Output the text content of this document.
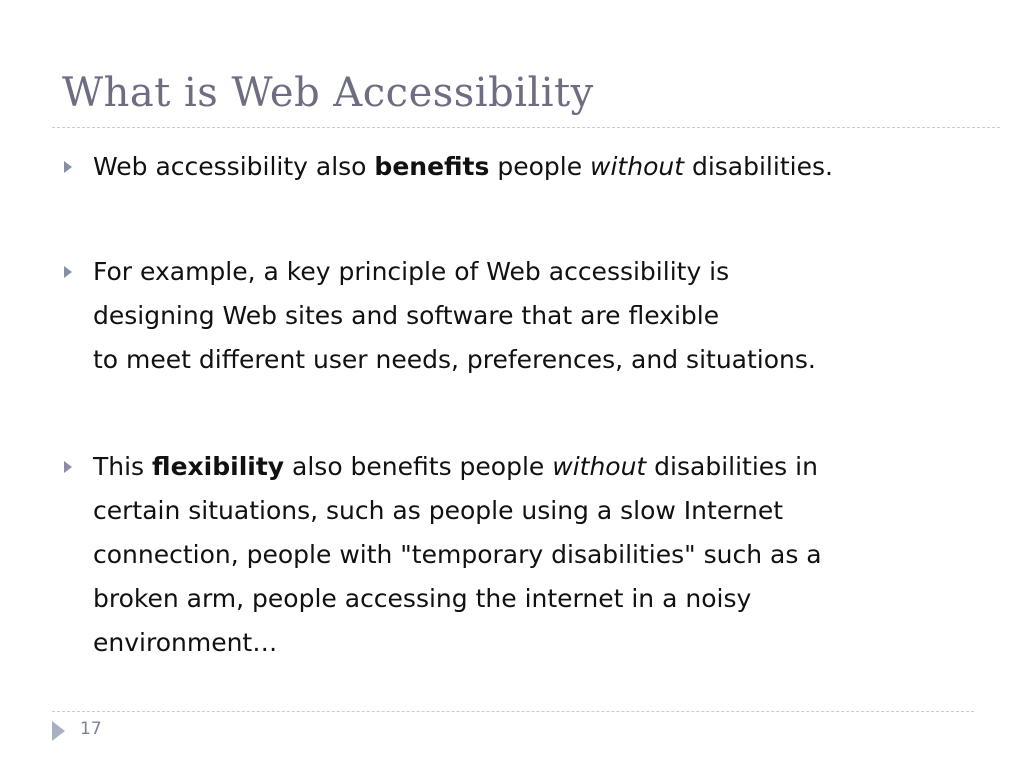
What is Web Accessibility
Web accessibility also benefits people without disabilities.
For example, a key principle of Web accessibility is
designing Web sites and software that are flexible
to meet different user needs, preferences, and situations.
This flexibility also benefits people without disabilities in
certain situations, such as people using a slow Internet
connection, people with "temporary disabilities" such as a
broken arm, people accessing the internet in a noisy
environment…
17
